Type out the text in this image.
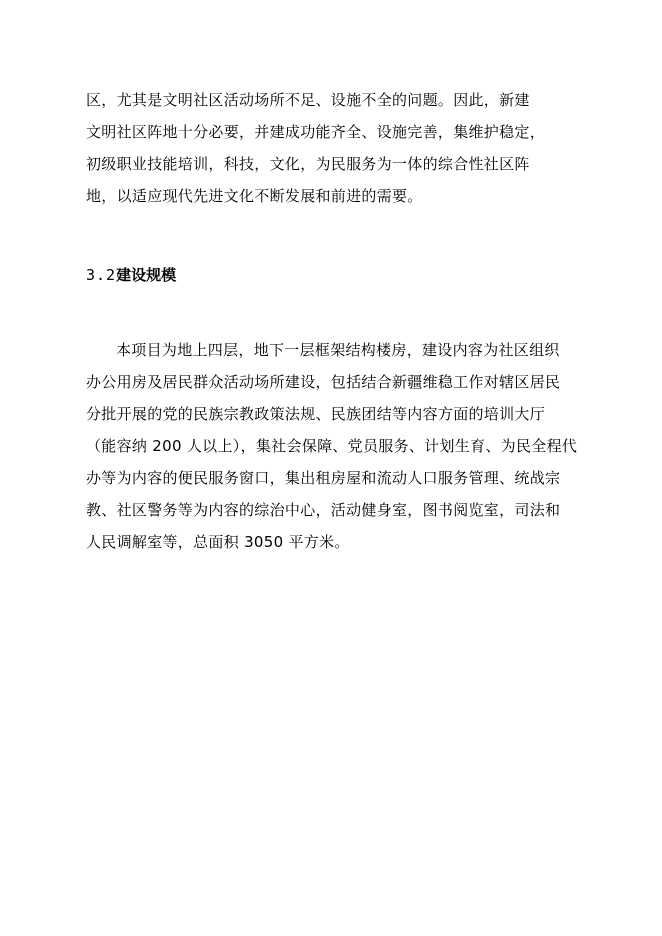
区，尤其是文明社区活动场所不足、设施不全的问题。因此，新建
文明社区阵地十分必要，并建成功能齐全、设施完善，集维护稳定，
初级职业技能培训，科技，文化，为民服务为一体的综合性社区阵
地，以适应现代先进文化不断发展和前进的需要。

3.2建设规模

本项目为地上四层，地下一层框架结构楼房，建设内容为社区组织
办公用房及居民群众活动场所建设，包括结合新疆维稳工作对辖区居民
分批开展的党的民族宗教政策法规、民族团结等内容方面的培训大厅
（能容纳 200 人以上），集社会保障、党员服务、计划生育、为民全程代
办等为内容的便民服务窗口，集出租房屋和流动人口服务管理、统战宗
教、社区警务等为内容的综治中心，活动健身室，图书阅览室，司法和
人民调解室等，总面积 3050 平方米。
